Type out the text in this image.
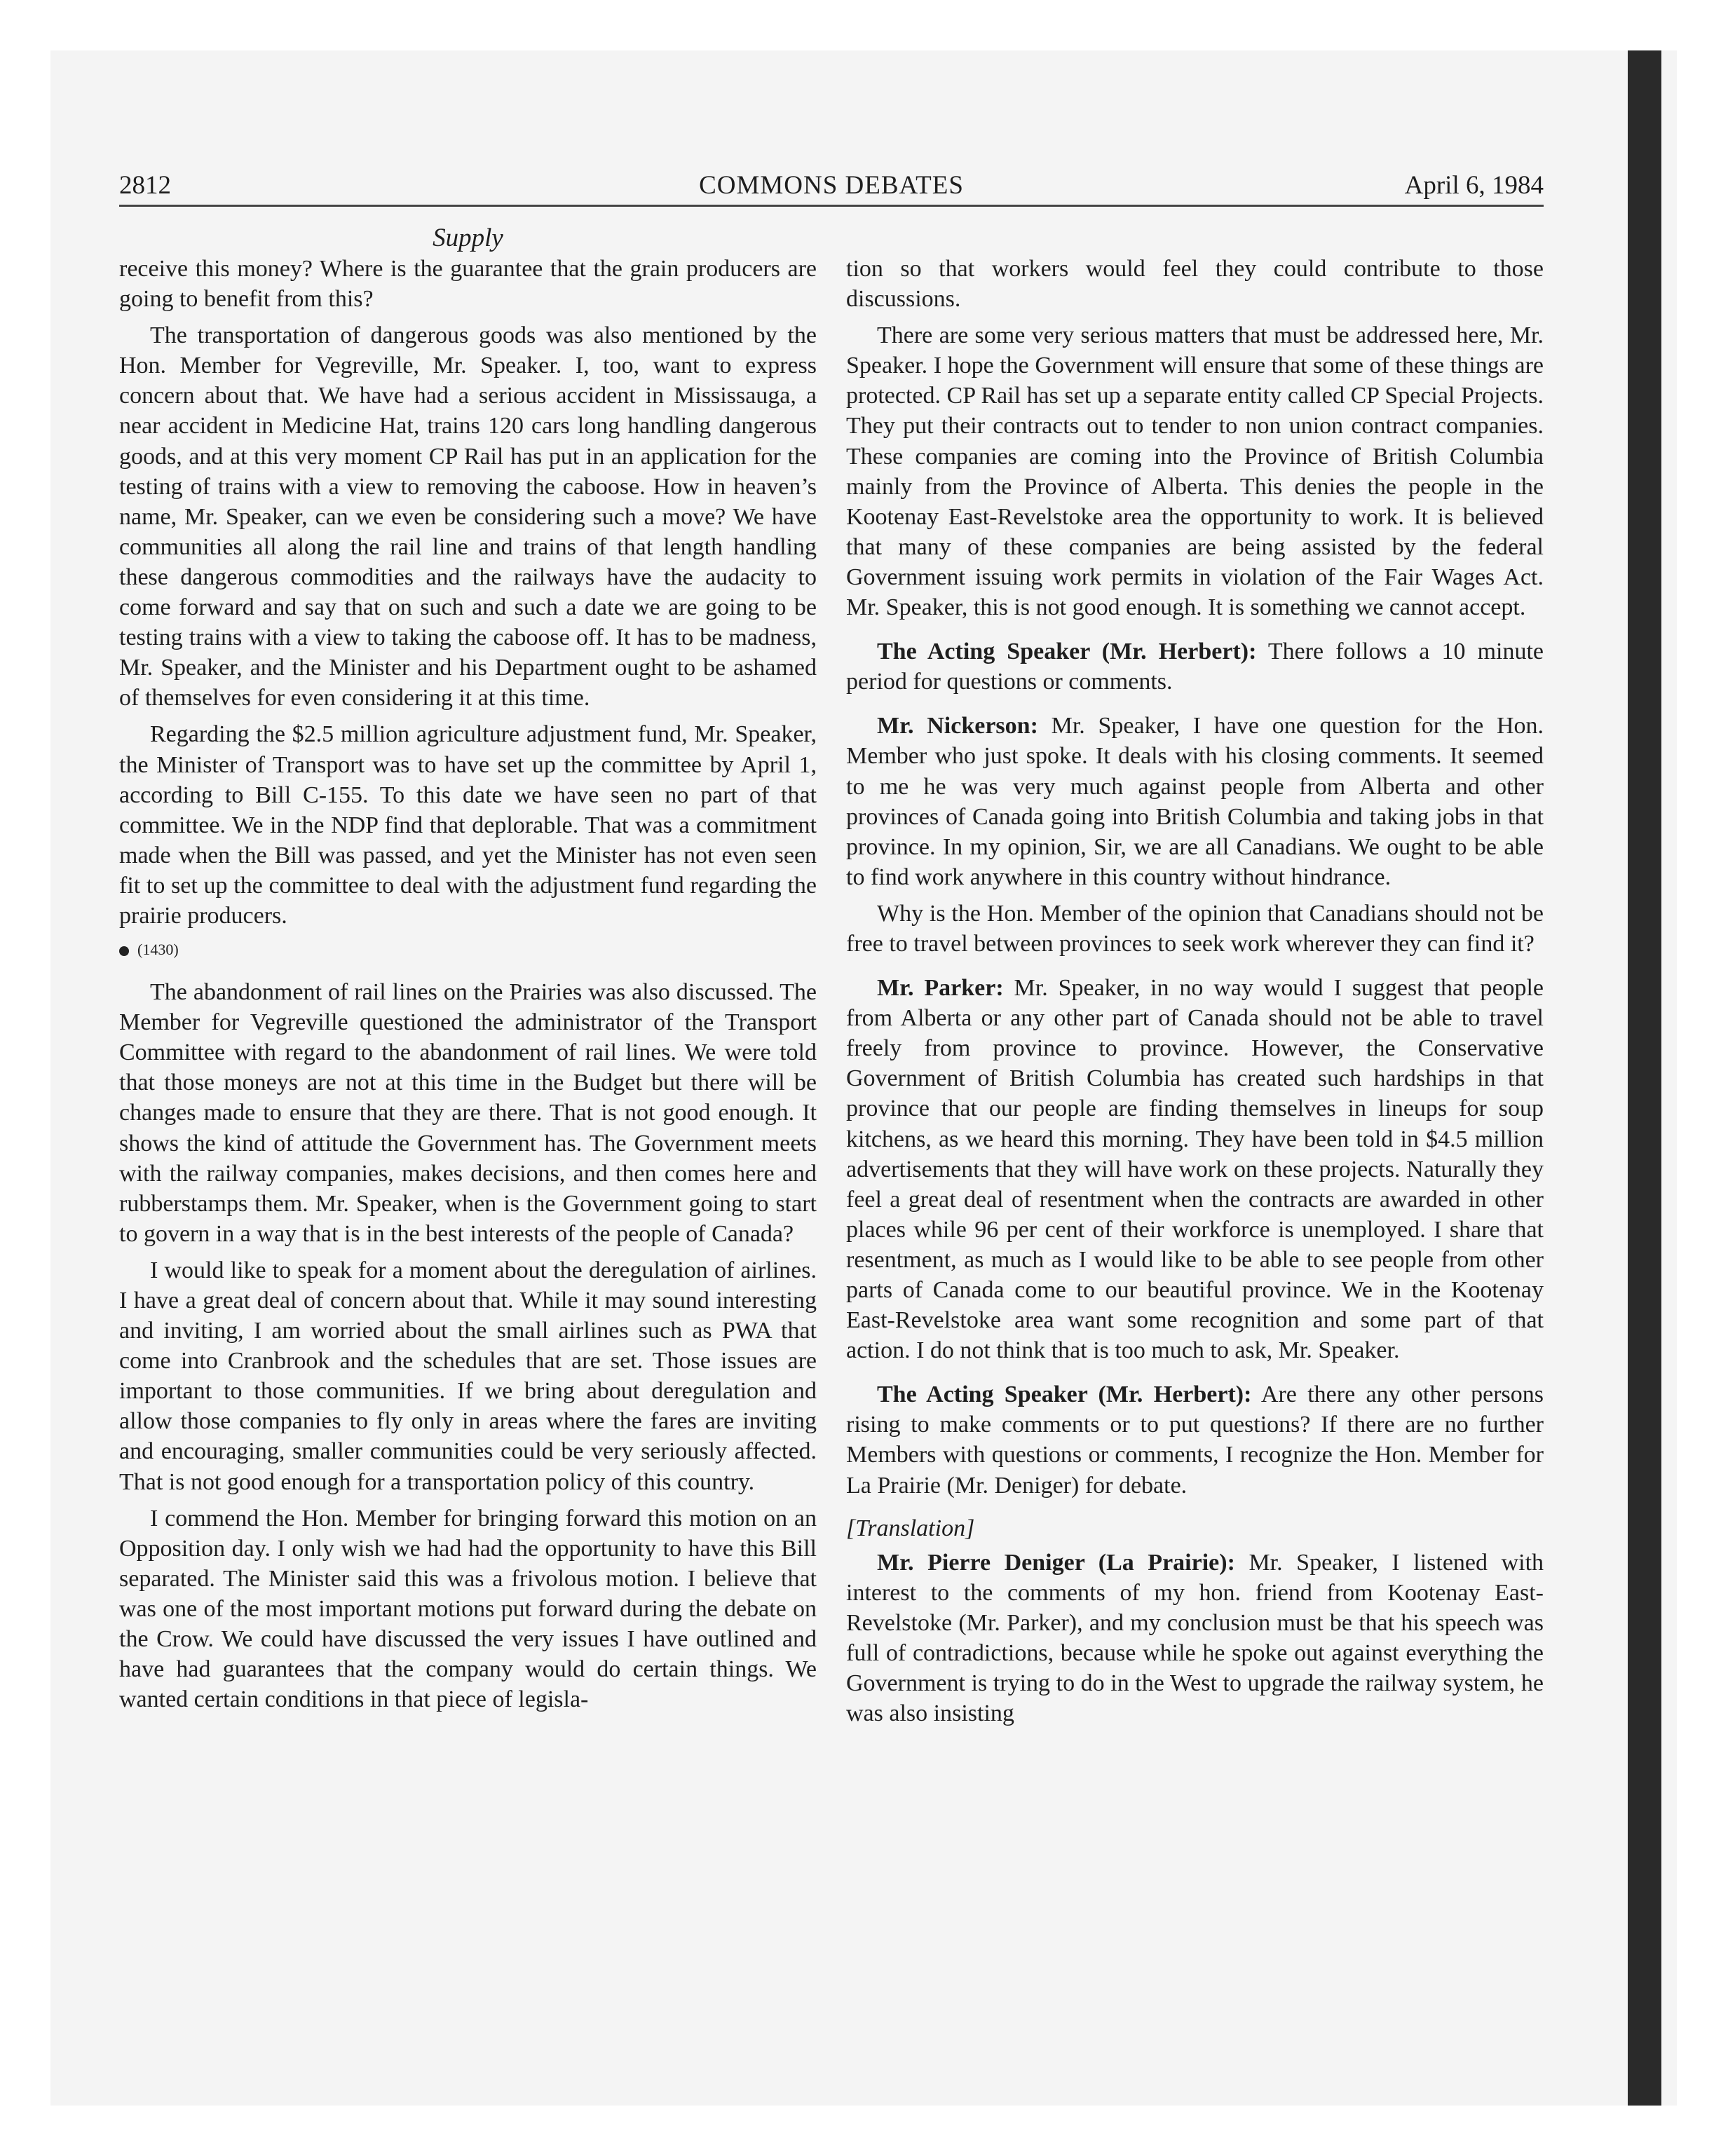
2812	COMMONS DEBATES	April 6, 1984
Supply

receive this money? Where is the guarantee that the grain producers are going to benefit from this?

The transportation of dangerous goods was also mentioned by the Hon. Member for Vegreville, Mr. Speaker. I, too, want to express concern about that. We have had a serious accident in Mississauga, a near accident in Medicine Hat, trains 120 cars long handling dangerous goods, and at this very moment CP Rail has put in an application for the testing of trains with a view to removing the caboose. How in heaven’s name, Mr. Speaker, can we even be considering such a move? We have communities all along the rail line and trains of that length handling these dangerous commodities and the railways have the audacity to come forward and say that on such and such a date we are going to be testing trains with a view to taking the caboose off. It has to be madness, Mr. Speaker, and the Minister and his Department ought to be ashamed of themselves for even considering it at this time.

Regarding the $2.5 million agriculture adjustment fund, Mr. Speaker, the Minister of Transport was to have set up the committee by April 1, according to Bill C-155. To this date we have seen no part of that committee. We in the NDP find that deplorable. That was a commitment made when the Bill was passed, and yet the Minister has not even seen fit to set up the committee to deal with the adjustment fund regarding the prairie producers.

(1430)

The abandonment of rail lines on the Prairies was also discussed. The Member for Vegreville questioned the administrator of the Transport Committee with regard to the abandonment of rail lines. We were told that those moneys are not at this time in the Budget but there will be changes made to ensure that they are there. That is not good enough. It shows the kind of attitude the Government has. The Government meets with the railway companies, makes decisions, and then comes here and rubberstamps them. Mr. Speaker, when is the Government going to start to govern in a way that is in the best interests of the people of Canada?

I would like to speak for a moment about the deregulation of airlines. I have a great deal of concern about that. While it may sound interesting and inviting, I am worried about the small airlines such as PWA that come into Cranbrook and the schedules that are set. Those issues are important to those communities. If we bring about deregulation and allow those companies to fly only in areas where the fares are inviting and encouraging, smaller communities could be very seriously affected. That is not good enough for a transportation policy of this country.

I commend the Hon. Member for bringing forward this motion on an Opposition day. I only wish we had had the opportunity to have this Bill separated. The Minister said this was a frivolous motion. I believe that was one of the most important motions put forward during the debate on the Crow. We could have discussed the very issues I have outlined and have had guarantees that the company would do certain things. We wanted certain conditions in that piece of legisla-

tion so that workers would feel they could contribute to those discussions.

There are some very serious matters that must be addressed here, Mr. Speaker. I hope the Government will ensure that some of these things are protected. CP Rail has set up a separate entity called CP Special Projects. They put their contracts out to tender to non union contract companies. These companies are coming into the Province of British Columbia mainly from the Province of Alberta. This denies the people in the Kootenay East-Revelstoke area the opportunity to work. It is believed that many of these companies are being assisted by the federal Government issuing work permits in violation of the Fair Wages Act. Mr. Speaker, this is not good enough. It is something we cannot accept.

The Acting Speaker (Mr. Herbert): There follows a 10 minute period for questions or comments.

Mr. Nickerson: Mr. Speaker, I have one question for the Hon. Member who just spoke. It deals with his closing comments. It seemed to me he was very much against people from Alberta and other provinces of Canada going into British Columbia and taking jobs in that province. In my opinion, Sir, we are all Canadians. We ought to be able to find work anywhere in this country without hindrance.

Why is the Hon. Member of the opinion that Canadians should not be free to travel between provinces to seek work wherever they can find it?

Mr. Parker: Mr. Speaker, in no way would I suggest that people from Alberta or any other part of Canada should not be able to travel freely from province to province. However, the Conservative Government of British Columbia has created such hardships in that province that our people are finding themselves in lineups for soup kitchens, as we heard this morning. They have been told in $4.5 million advertisements that they will have work on these projects. Naturally they feel a great deal of resentment when the contracts are awarded in other places while 96 per cent of their workforce is unemployed. I share that resentment, as much as I would like to be able to see people from other parts of Canada come to our beautiful province. We in the Kootenay East-Revelstoke area want some recognition and some part of that action. I do not think that is too much to ask, Mr. Speaker.

The Acting Speaker (Mr. Herbert): Are there any other persons rising to make comments or to put questions? If there are no further Members with questions or comments, I recognize the Hon. Member for La Prairie (Mr. Deniger) for debate.

[Translation]

Mr. Pierre Deniger (La Prairie): Mr. Speaker, I listened with interest to the comments of my hon. friend from Kootenay East-Revelstoke (Mr. Parker), and my conclusion must be that his speech was full of contradictions, because while he spoke out against everything the Government is trying to do in the West to upgrade the railway system, he was also insisting
